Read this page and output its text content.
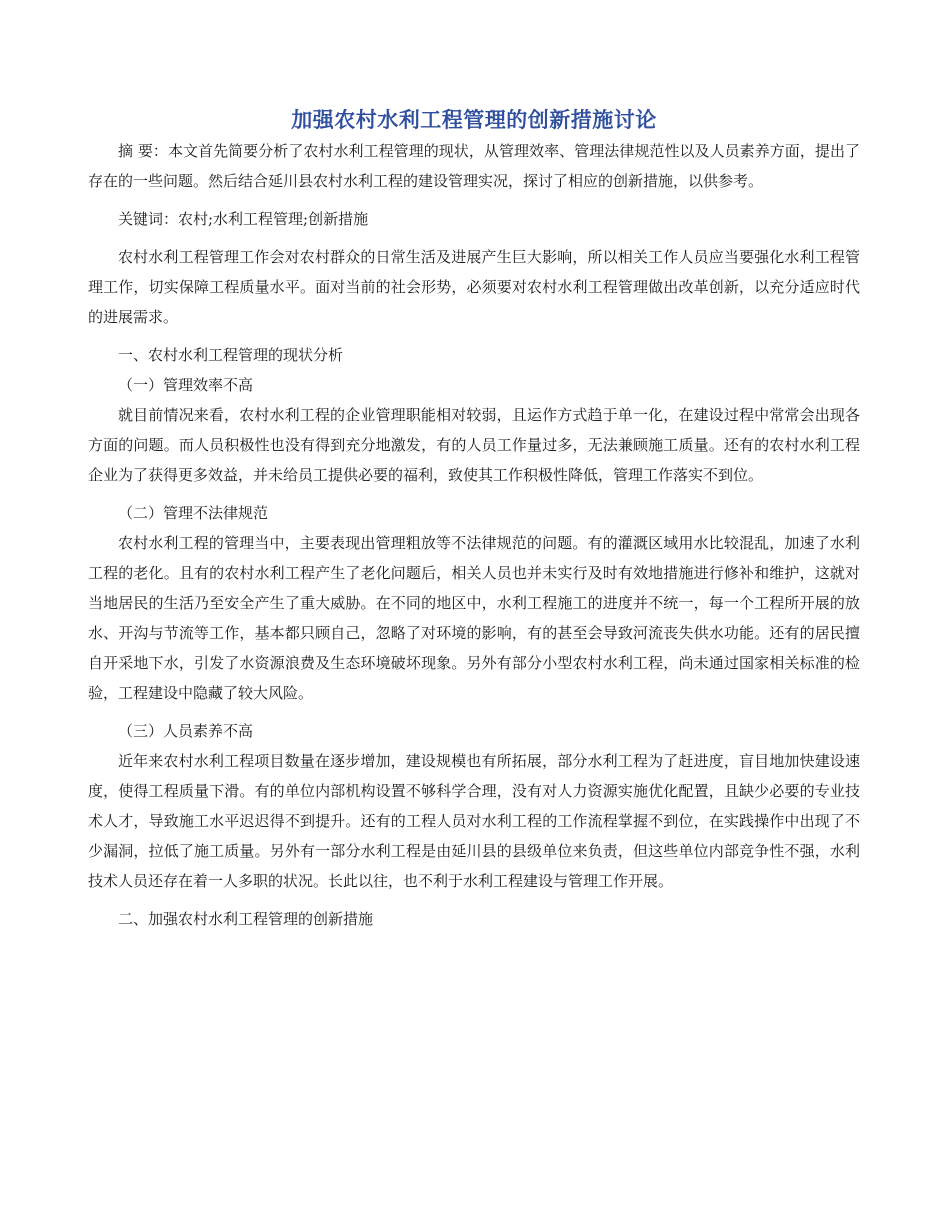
加强农村水利工程管理的创新措施讨论

摘 要：本文首先简要分析了农村水利工程管理的现状，从管理效率、管理法律规范性以及人员素养方面，提出了存在的一些问题。然后结合延川县农村水利工程的建设管理实况，探讨了相应的创新措施，以供参考。

关键词：农村;水利工程管理;创新措施

农村水利工程管理工作会对农村群众的日常生活及进展产生巨大影响，所以相关工作人员应当要强化水利工程管理工作，切实保障工程质量水平。面对当前的社会形势，必须要对农村水利工程管理做出改革创新，以充分适应时代的进展需求。

一、农村水利工程管理的现状分析

（一）管理效率不高

就目前情况来看，农村水利工程的企业管理职能相对较弱，且运作方式趋于单一化，在建设过程中常常会出现各方面的问题。而人员积极性也没有得到充分地激发，有的人员工作量过多，无法兼顾施工质量。还有的农村水利工程企业为了获得更多效益，并未给员工提供必要的福利，致使其工作积极性降低，管理工作落实不到位。

（二）管理不法律规范

农村水利工程的管理当中，主要表现出管理粗放等不法律规范的问题。有的灌溉区域用水比较混乱，加速了水利工程的老化。且有的农村水利工程产生了老化问题后，相关人员也并未实行及时有效地措施进行修补和维护，这就对当地居民的生活乃至安全产生了重大威胁。在不同的地区中，水利工程施工的进度并不统一，每一个工程所开展的放水、开沟与节流等工作，基本都只顾自己，忽略了对环境的影响，有的甚至会导致河流丧失供水功能。还有的居民擅自开采地下水，引发了水资源浪费及生态环境破坏现象。另外有部分小型农村水利工程，尚未通过国家相关标准的检验，工程建设中隐藏了较大风险。

（三）人员素养不高

近年来农村水利工程项目数量在逐步增加，建设规模也有所拓展，部分水利工程为了赶进度，盲目地加快建设速度，使得工程质量下滑。有的单位内部机构设置不够科学合理，没有对人力资源实施优化配置，且缺少必要的专业技术人才，导致施工水平迟迟得不到提升。还有的工程人员对水利工程的工作流程掌握不到位，在实践操作中出现了不少漏洞，拉低了施工质量。另外有一部分水利工程是由延川县的县级单位来负责，但这些单位内部竞争性不强，水利技术人员还存在着一人多职的状况。长此以往，也不利于水利工程建设与管理工作开展。

二、加强农村水利工程管理的创新措施
